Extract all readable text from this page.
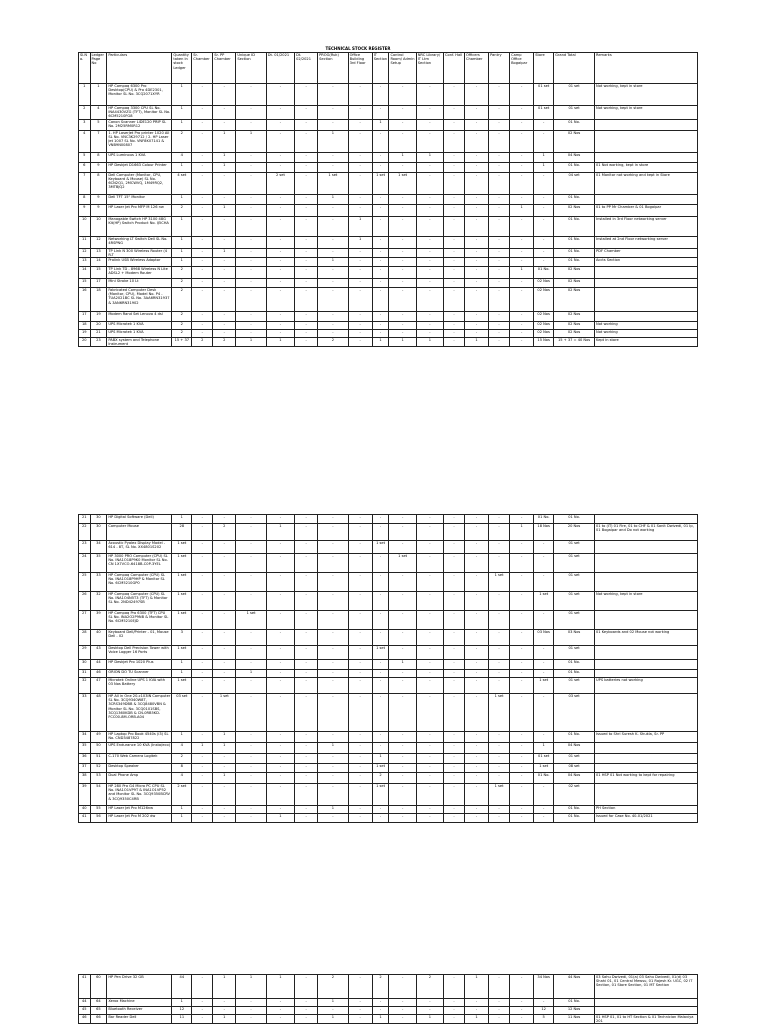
TECHNICAL STOCK REGISTER
Sl.No.	Ledger Page No	Particulars	Quantity taken in stock Ledger	Sr. Chamber	Sr. PP Chamber	Unique ID Section	Dt. 01/2021	Dt. 02/2021	PROG(Ruk) Section	Office Building 3rd Floor	IT Section	Control Room/ Admin Setup	NRC Library/ IT Ltm Section	Conf. Hall	Officers Chamber	Pantry	Camp Office Bogaipar	Store	Grand Total	Remarks
1	1	HP Compaq 6300 Pro Desktop(CPU) & Pro 4DE2301, Monitor SL No. 3CQ2071XYR	1	-	-	-	-	-	-	-	-	-	-	-	-	-	-	01 set	01 set	Not working, kept in store
2	4	HP Compaq 3300 CPU SL No. INA4430VZG (TFT), Monitor SL No. 6CM5210FG8	1	-	-	-	-	-	-	-	-	-	-	-	-	-	-	01 set	01 set	Not working, kept in store
3	5	Canon Scanner LiDE120 PRIP SL No. 2M25RM0R12	1	-	-	-	-	-	-	-	1	-	-	-	-	-	-	-	01 No.	
4	7	1. HP LaserJet Pro printer 1020 All SL No. VNC3K29712 / 2. HP Laser Jet 1007 SL No. VNF8K07141 & VNB9N00807	2	-	1	1	-	-	1	-	-	-	-	-	-	-	-	-	02 Nos	
5	8	UPS Luminous 1 KVA	4	-	1	-	-	-	-	-	-	1	1	-	-	-	-	1	04 Nos	
6	9	HP Deskjet D1663 Colour Printer	1	-	1	-	-	-	-	-	-	-	-	-	-	-	-	1	01 No.	01 Not working, kept in store
7	8	Dell Computer (Monitor, CPU, Keyboard & Mouse) SL No. 6CN2Q1, 2MCWVQ, 1M49RQ2, 3MTBJQ2	4 set	-	-	-	2 set	-	1 set	-	1 set	1 set	-	-	-	-	-	-	04 set	01 Monitor not working and kept in Store
8	9	Dell TFT 15" Monitor	1	-	-	-	-	-	1	-	-	-	-	-	-	-	-	-	01 No.	
9	9	HP Laser Jet Pro MFP M 126 nw	2	-	1	-	-	-	-	-	-	-	-	-	-	-	1	-	02 Nos	01 to PP Mr Chamber & 01 Bogaipar
10	10	Managable Switch HP 3100 48G Kit(HP) Switch Product No. IJ5CHA	1	-	-	-	-	-	-	1	-	-	-	-	-	-	-	-	01 No.	Installed in 3rd Floor networking server
11	12	Networking LT Switch Dell SL No. 4RSPNG	1	-	-	-	-	-	-	1	-	-	-	-	-	-	-	-	01 No.	Installed at 2nd Floor networking server
12	13	TP Link N 300 Wireless Router (4 R-T	1	-	1	-	-	-	-	-	-	-	-	-	-	-	-	-	01 No.	PDF Chamber
13	14	Prolink USB Wireless Adaptor	1	-	-	-	-	-	1	-	-	-	-	-	-	-	-	-	01 No.	Accts Section
14	15	TP Link TD - 8968 Wireless N Lite ADSL2 + Modem Router	2	-	-	-	-	-	-	-	-	-	-	-	-	-	1	01 No.	02 Nos	
15	17	Mini Stroke 10 Lt	2	-	-	-	-	-	-	-	-	-	-	-	-	-	-	02 Nos	02 Nos	
16	18	Fabricated Computer Desk (Monitor, CPU), Model No. P4 - TUA2021BC SL No. 3AA6RN31937 & 3AN6RN31902	2	-	-	-	-	-	-	-	-	-	-	-	-	-	-	02 Nos	02 Nos	
17	19	Modem Rand Set Lenovo 4 dsl	2	-	-	-	-	-	-	-	-	-	-	-	-	-	-	02 Nos	02 Nos	
18	20	UPS Microtek 1 KVA	2	-	-	-	-	-	-	-	-	-	-	-	-	-	-	02 Nos	02 Nos	Not working
19	21	UPS Microtek 1 KVA	2	-	-	-	-	-	-	-	-	-	-	-	-	-	-	02 Nos	02 Nos	Not working
20	23	PABX system and Telephone Instrument	15 + 37	2	2	1	1	-	2	-	1	1	1	-	1	-	-	15 Nos	15 + 37 = 40 Nos	Kept in store
21	30	HP Digital Software (Dell)	1	-	-	-	-	-	-	-	-	-	-	-	-	-	-	01 No.	01 No.	
22	30	Computer Mouse	28	-	2	-	1	-	-	-	-	-	-	-	-	-	1	18 Nos	20 Nos	01 to (IT) 01 Fire, 01 to CHF & 01 Sanit Dwivedi, 01 Ip, 01 Bogaipar and Do not working
23	34	Acoustic Pyalex Display Model - 614 - 8T, SL No. XX4801S202	1 set	-	-	-	-	-	-	-	1 set	-	-	-	-	-	-	-	01 set	
24	35	HP 3000 PRO Computer (CPU) SL No. INA1O18P9K0 Monitor SL No. CN 1X7VCO-6418B-C0P-3YEL	1 set	-	-	-	-	-	-	-	-	1 set	-	-	-	-	-	-	01 set	
25	33	HP Compaq Computer (CPU) SL No. INA1O18P9HP & Monitor SL No. 6CM5210GP0	1 set	-	-	-	-	-	-	-	-	-	-	-	-	1 set	-	-	01 set	
26	32	HP Compaq Computer (CPU) SL No. INA1O4N5T3 (TFT) & Monitor SL No. 2ND42497SB	1 set	-	-	-	-	-	-	-	-	-	-	-	-	-	-	1 set	01 set	Not working, kept in store
27	39	HP Compaq Pro 6300 (TFT) CPU SL No. INA2O2P9NB & Monitor SL No. 6CM5210EJD	1 set	-	-	1 set	-	-	-	-	-	-	-	-	-	-	-	-	01 set	
28	40	Keyboard Dell/Printer - 01, Mouse Dell - 02	3	-	-	-	-	-	-	-	-	-	-	-	-	-	-	03 Nos	03 Nos	01 Keyboards and 02 Mouse not working
29	43	Desktop Dell Precision Tower with Voice Logger 16 Ports	1 set	-	-	-	-	-	-	-	1 set	-	-	-	-	-	-	-	01 set	
30	44	HP Deskjet Pro 1020 Plus	1	-	-	-	-	-	-	-	-	1	-	-	-	-	-	-	01 No.	
31	46	ORION DO TU Scanner	1	-	-	1	-	-	-	-	-	-	-	-	-	-	-	-	01 No.	
32	47	Microtek Online UPS 1 KVA with 03 Nos Battery	1 set	-	-	-	-	-	-	-	-	-	-	-	-	-	-	1 set	01 set	UPS batteries not working
33	48	HP All in One 20-c103IN Computer SL No. 3CQ9340W8T, 3CRS349DBB & 3CQ8480VBN & Monitor SL No. 3CQ0101SBS, 3CQ1360KDB & CN-0RB5KD-FCC00-8M-ORB-A04	03 set	-	1 set	-	-	-	-	-	-	-	-	-	-	1 set	-	-	03 set	
34	49	HP Laptop Pro Book 4540s (i3) SL No. CND3487822	1	-	1	-	-	-	-	-	-	-	-	-	-	-	-	-	01 No.	Issued to Shri Suresh K. Shukla, Sr. PP
35	50	UPS Endurance 10 KVA (Insta/eco)	4	1	1	-	-	-	1	-	-	-	-	-	-	-	-	1	04 Nos	
36	51	C-170 Web Camera Logitek	2	-	-	-	-	-	-	-	1	-	-	-	-	-	-	01 set	01 set	
37	52	Desktop Speaker	8	-	-	-	-	-	-	-	1 set	-	-	-	-	-	-	1 set	08 set	
38	53	Dual Phone Amp	4	-	1	-	-	-	-	-	2	-	-	-	-	-	-	01 No.	04 Nos	01 HSP 01 Not working to kept for repairing
39	54	HP 280 Pro G4 Micro PC CPU SL No. INA1O1VP9T & INA1O1VP52 and Monitor SL No. 3CQ9350BCRV & 3CQ9350C4RB	2 set	-	-	-	-	-	-	-	1 set	-	-	-	-	1 set	-	-	02 set	
40	55	HP Laser Jet Pro M126nw	1	-	-	-	-	-	1	-	-	-	-	-	-	-	-	-	01 No.	PH Section
41	56	HP Laser Jet Pro M 202 dw	1	-	-	-	1	-	-	-	-	-	-	-	-	-	-	-	01 No.	Issued for Case No. 40-01/2021
41	60	HP Pen Drive 32 GB	44	-	1	1	1	-	2	-	2	-	2	-	1	-	-	34 Nos	44 Nos	03 Sahu Dwivedi, 01(a) 03 Sahu Dwivedi, 01(d) 03 Shahi 01, 01 Central Mewsu, 01 Rajesh Kr. UGC, 02 IT Section, 01 Store Section, 01 MT Section
44	64	Xerox Machine	1	-	-	-	-	-	1	-	-	-	-	-	-	-	-	-	01 No.	
45	65	Bluetooth Receiver	12	-	-	-	-	-	-	-	-	-	-	-	-	-	-	12	12 Nos	
46	66	Bar Reader Dell	11	-	1	-	-	-	1	-	1	-	1	-	1	-	-	5	11 Nos	01 HSP 01, 01 to HT Section & 01 Technician Malaviya 201
